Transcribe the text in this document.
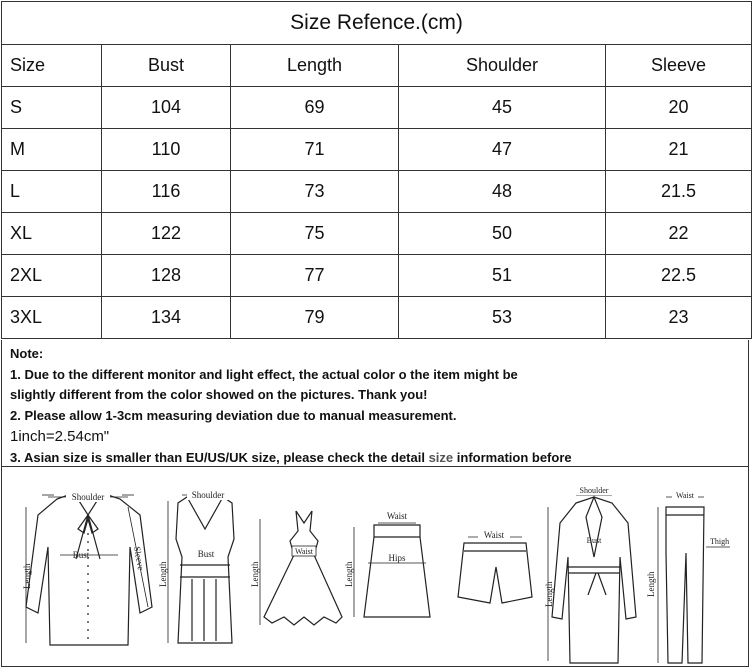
Size Refence.(cm)				
Size	Bust	Length	Shoulder	Sleeve
S	104	69	45	20
M	110	71	47	21
L	116	73	48	21.5
XL	122	75	50	22
2XL	128	77	51	22.5
3XL	134	79	53	23
Note:
1. Due to the different monitor and light effect, the actual color o the item might be
slightly different from the color showed on the pictures. Thank you!
2. Please allow 1-3cm measuring deviation due to manual measurement.
1inch=2.54cm"
3. Asian size is smaller than EU/US/UK size, please check the detail size information before
Shoulder
Bust
Length
Sleeve
Shoulder
Bust
Length
Waist
Length
Waist
Hips
Length
Waist
Shoulder
Bust
Length
Waist
Thigh
Length
